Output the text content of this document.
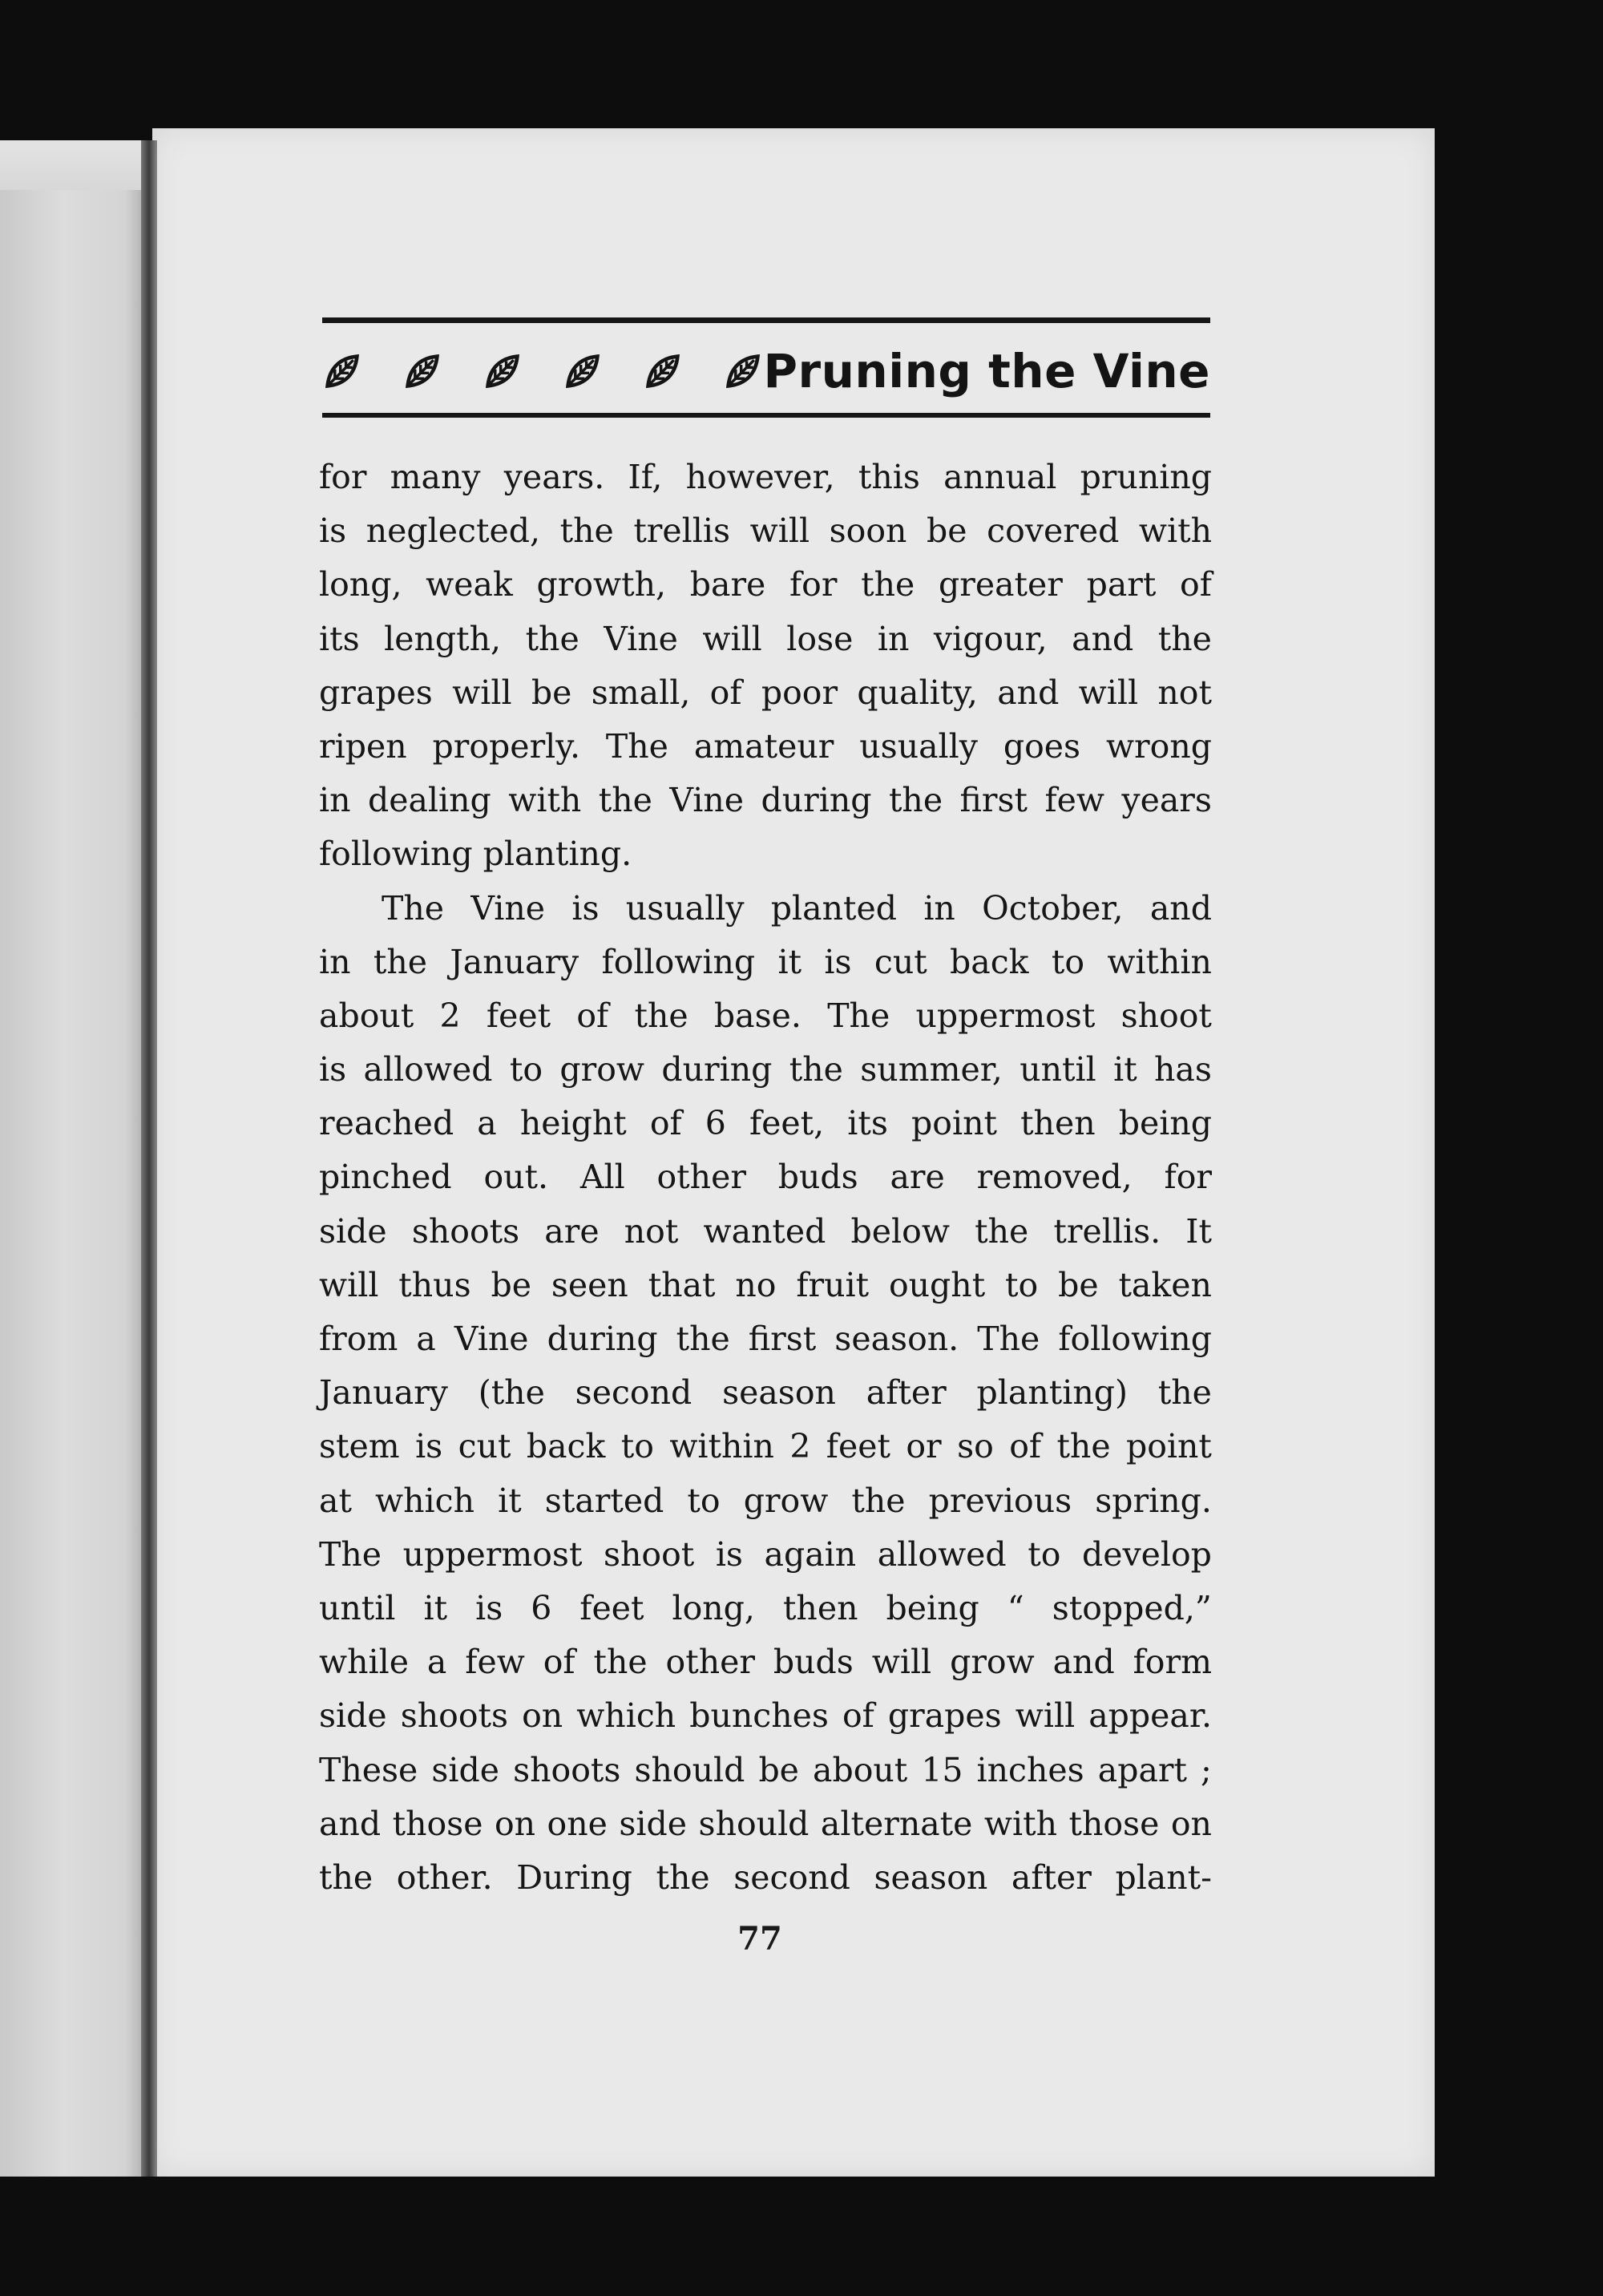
Pruning the Vine
for many years. If, however, this annual pruning
is neglected, the trellis will soon be covered with
long, weak growth, bare for the greater part of
its length, the Vine will lose in vigour, and the
grapes will be small, of poor quality, and will not
ripen properly. The amateur usually goes wrong
in dealing with the Vine during the first few years
following planting.
The Vine is usually planted in October, and
in the January following it is cut back to within
about 2 feet of the base. The uppermost shoot
is allowed to grow during the summer, until it has
reached a height of 6 feet, its point then being
pinched out. All other buds are removed, for
side shoots are not wanted below the trellis. It
will thus be seen that no fruit ought to be taken
from a Vine during the first season. The following
January (the second season after planting) the
stem is cut back to within 2 feet or so of the point
at which it started to grow the previous spring.
The uppermost shoot is again allowed to develop
until it is 6 feet long, then being “ stopped,”
while a few of the other buds will grow and form
side shoots on which bunches of grapes will appear.
These side shoots should be about 15 inches apart ;
and those on one side should alternate with those on
the other. During the second season after plant-
77
